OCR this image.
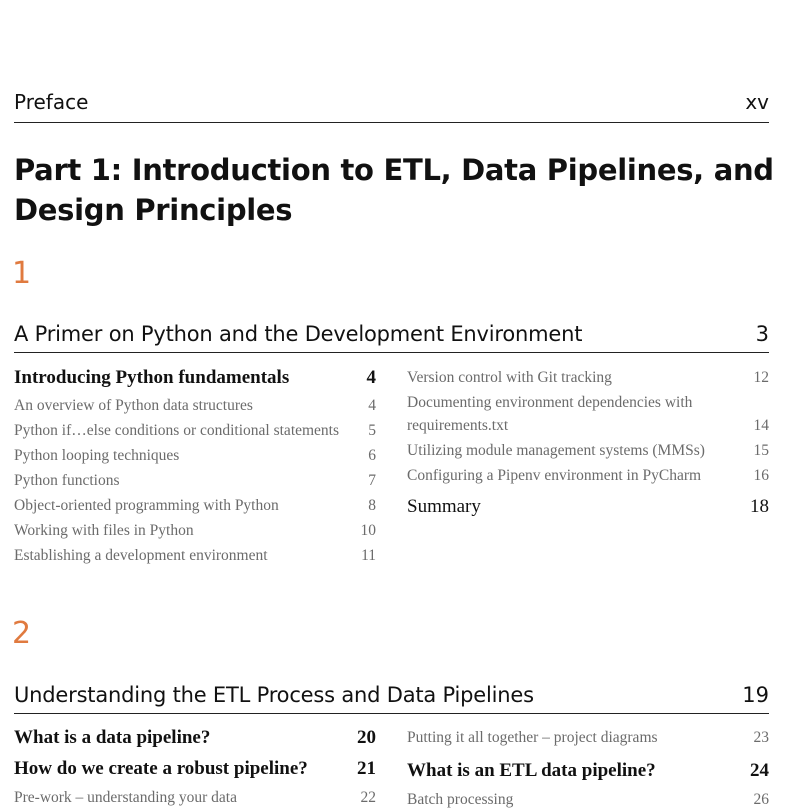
Preface	xv
Part 1: Introduction to ETL, Data Pipelines, and Design Principles
1
A Primer on Python and the Development Environment	3
Introducing Python fundamentals	4
An overview of Python data structures	4
Python if…else conditions or conditional statements 5
Python looping techniques	6
Python functions	7
Object-oriented programming with Python	8
Working with files in Python	10
Establishing a development environment	11
Version control with Git tracking	12
Documenting environment dependencies with requirements.txt	14
Utilizing module management systems (MMSs)	15
Configuring a Pipenv environment in PyCharm	16
Summary	18
2
Understanding the ETL Process and Data Pipelines	19
What is a data pipeline?	20
How do we create a robust pipeline?	21
Pre-work – understanding your data	22
Putting it all together – project diagrams	23
What is an ETL data pipeline?	24
Batch processing	26
